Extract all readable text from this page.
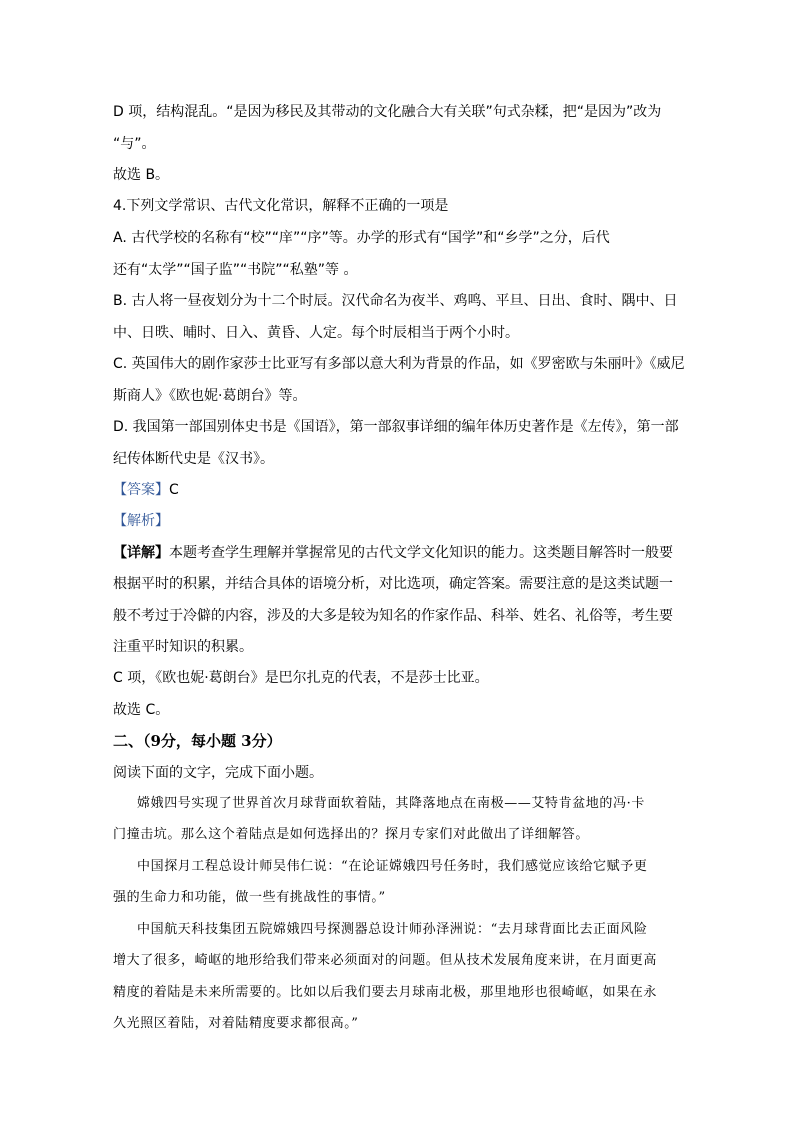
D 项，结构混乱。“是因为移民及其带动的文化融合大有关联”句式杂糅，把“是因为”改为
“与”。
故选 B。
4.下列文学常识、古代文化常识，解释不正确的一项是
A. 古代学校的名称有“校”“庠”“序”等。办学的形式有“国学”和“乡学”之分，后代
还有“太学”“国子监”“书院”“私塾”等 。
B. 古人将一昼夜划分为十二个时辰。汉代命名为夜半、鸡鸣、平旦、日出、食时、隅中、日
中、日昳、晡时、日入、黄昏、人定。每个时辰相当于两个小时。
C. 英国伟大的剧作家莎士比亚写有多部以意大利为背景的作品，如《罗密欧与朱丽叶》《威尼
斯商人》《欧也妮·葛朗台》等。
D. 我国第一部国别体史书是《国语》，第一部叙事详细的编年体历史著作是《左传》，第一部
纪传体断代史是《汉书》。
【答案】C
【解析】
【详解】本题考查学生理解并掌握常见的古代文学文化知识的能力。这类题目解答时一般要
根据平时的积累，并结合具体的语境分析，对比选项，确定答案。需要注意的是这类试题一
般不考过于冷僻的内容，涉及的大多是较为知名的作家作品、科举、姓名、礼俗等，考生要
注重平时知识的积累。
C 项，《欧也妮·葛朗台》是巴尔扎克的代表，不是莎士比亚。
故选 C。
二、（9分，每小题 3分）
阅读下面的文字，完成下面小题。
嫦娥四号实现了世界首次月球背面软着陆，其降落地点在南极——艾特肯盆地的冯·卡
门撞击坑。那么这个着陆点是如何选择出的？探月专家们对此做出了详细解答。
中国探月工程总设计师吴伟仁说：“在论证嫦娥四号任务时，我们感觉应该给它赋予更
强的生命力和功能，做一些有挑战性的事情。”
中国航天科技集团五院嫦娥四号探测器总设计师孙泽洲说：“去月球背面比去正面风险
增大了很多，崎岖的地形给我们带来必须面对的问题。但从技术发展角度来讲，在月面更高
精度的着陆是未来所需要的。比如以后我们要去月球南北极，那里地形也很崎岖，如果在永
久光照区着陆，对着陆精度要求都很高。”
